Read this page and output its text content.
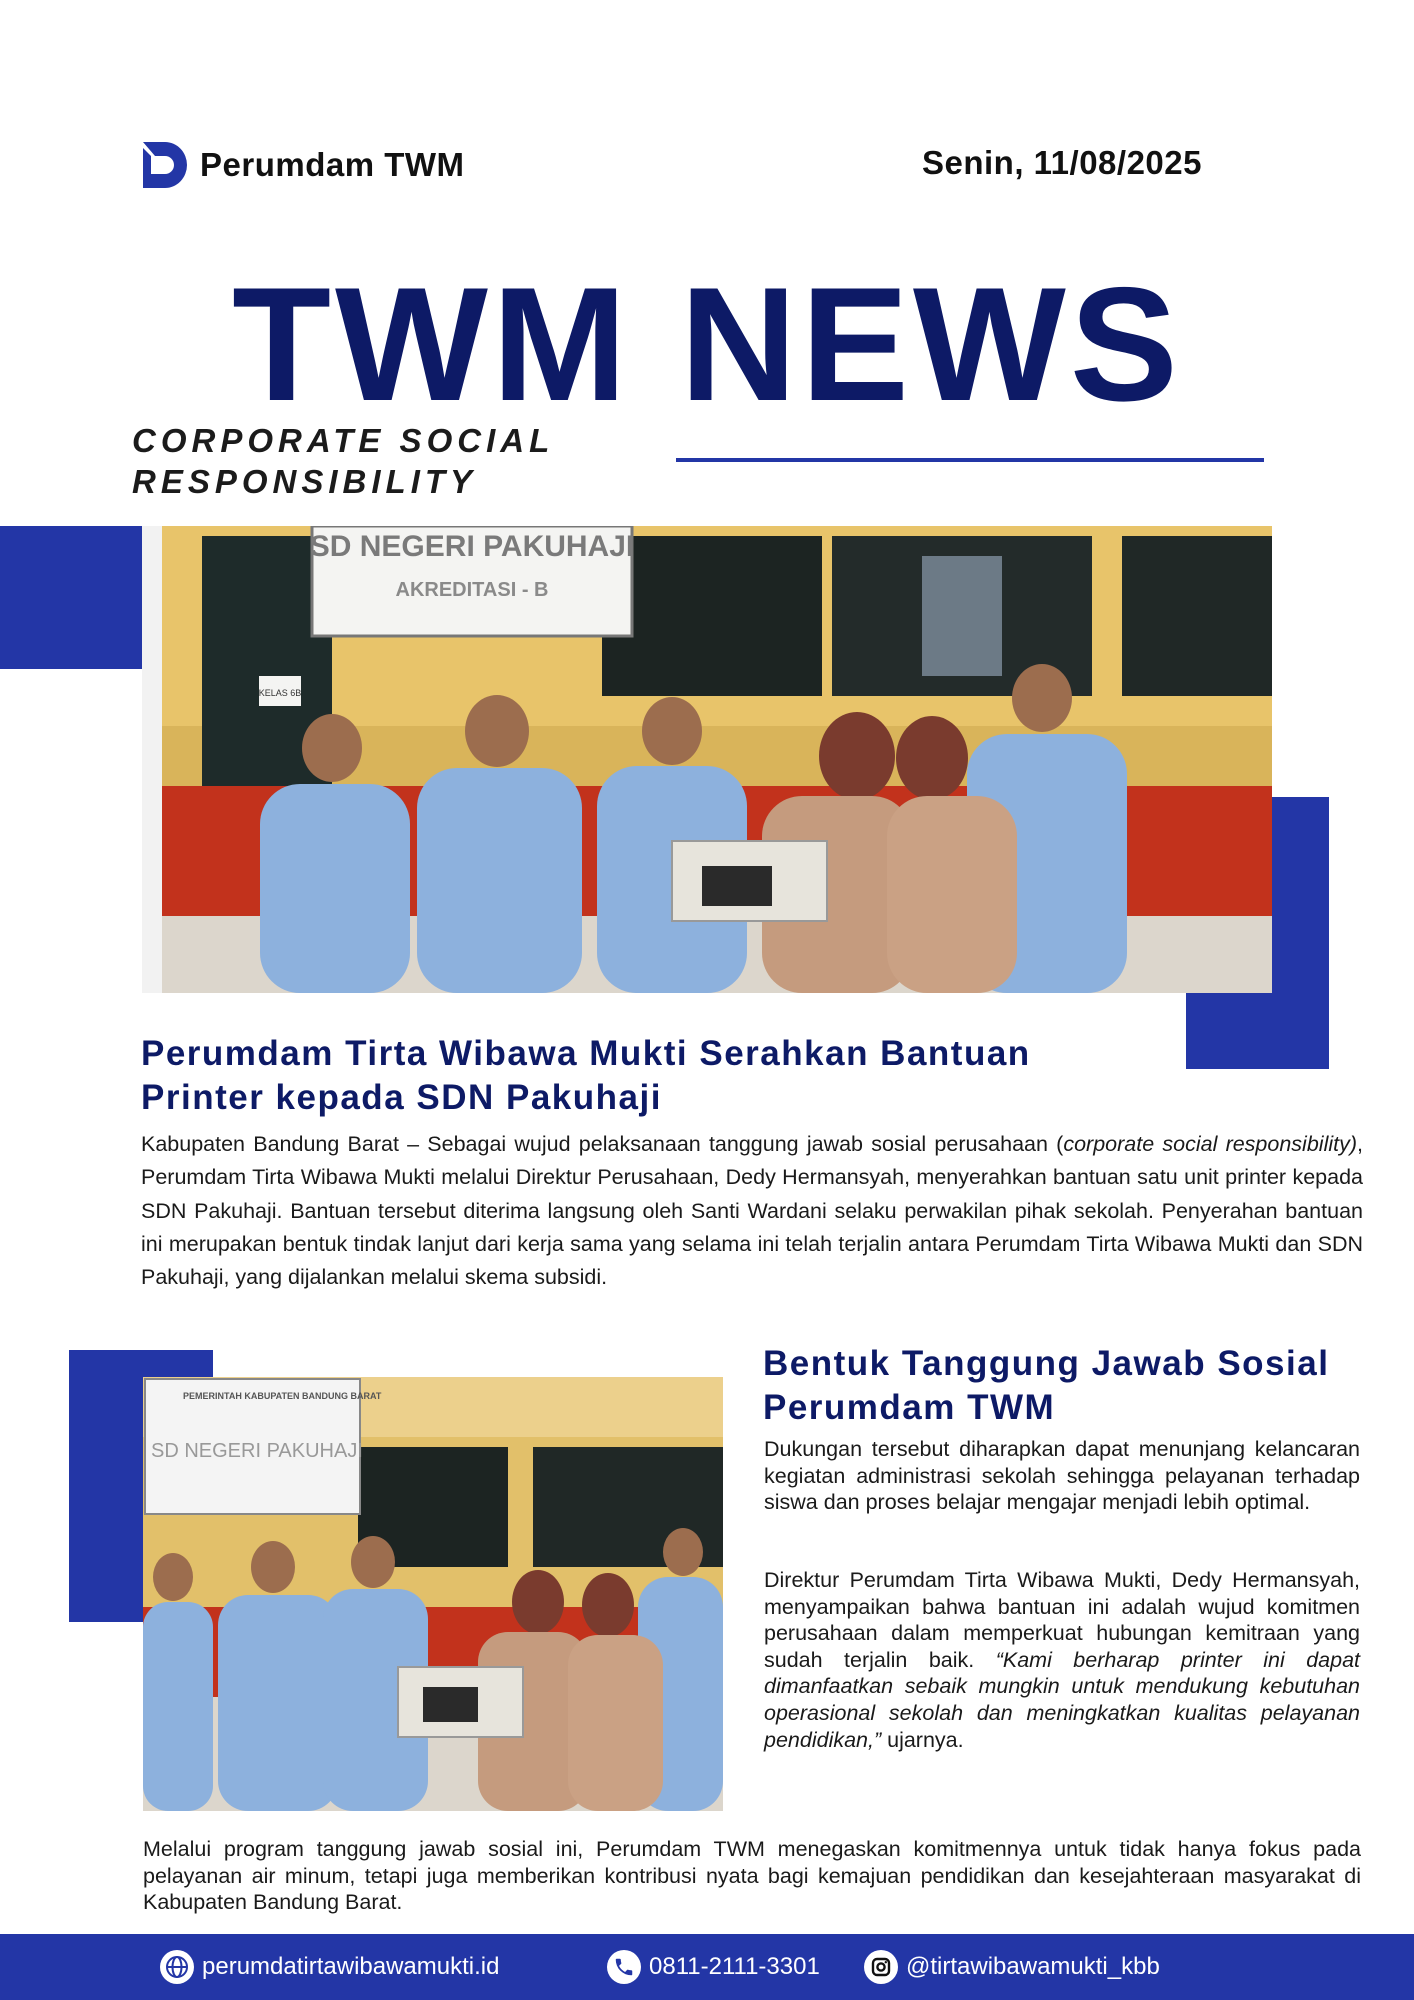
Perumdam TWM	Senin, 11/08/2025
TWM NEWS
CORPORATE SOCIAL RESPONSIBILITY
SD NEGERI PAKUHAJI
AKREDITASI - B
KELAS 6B
Perumdam Tirta Wibawa Mukti Serahkan Bantuan Printer kepada SDN Pakuhaji

Kabupaten Bandung Barat – Sebagai wujud pelaksanaan tanggung jawab sosial perusahaan (corporate social responsibility), Perumdam Tirta Wibawa Mukti melalui Direktur Perusahaan, Dedy Hermansyah, menyerahkan bantuan satu unit printer kepada SDN Pakuhaji. Bantuan tersebut diterima langsung oleh Santi Wardani selaku perwakilan pihak sekolah. Penyerahan bantuan ini merupakan bentuk tindak lanjut dari kerja sama yang selama ini telah terjalin antara Perumdam Tirta Wibawa Mukti dan SDN Pakuhaji, yang dijalankan melalui skema subsidi.

PEMERINTAH KABUPATEN BANDUNG BARAT
SD NEGERI PAKUHAJI
Bentuk Tanggung Jawab Sosial Perumdam TWM

Dukungan tersebut diharapkan dapat menunjang kelancaran kegiatan administrasi sekolah sehingga pelayanan terhadap siswa dan proses belajar mengajar menjadi lebih optimal.

Direktur Perumdam Tirta Wibawa Mukti, Dedy Hermansyah, menyampaikan bahwa bantuan ini adalah wujud komitmen perusahaan dalam memperkuat hubungan kemitraan yang sudah terjalin baik. “Kami berharap printer ini dapat dimanfaatkan sebaik mungkin untuk mendukung kebutuhan operasional sekolah dan meningkatkan kualitas pelayanan pendidikan,” ujarnya.

Melalui program tanggung jawab sosial ini, Perumdam TWM menegaskan komitmennya untuk tidak hanya fokus pada pelayanan air minum, tetapi juga memberikan kontribusi nyata bagi kemajuan pendidikan dan kesejahteraan masyarakat di Kabupaten Bandung Barat.

perumdatirtawibawamukti.id	0811-2111-3301	@tirtawibawamukti_kbb
